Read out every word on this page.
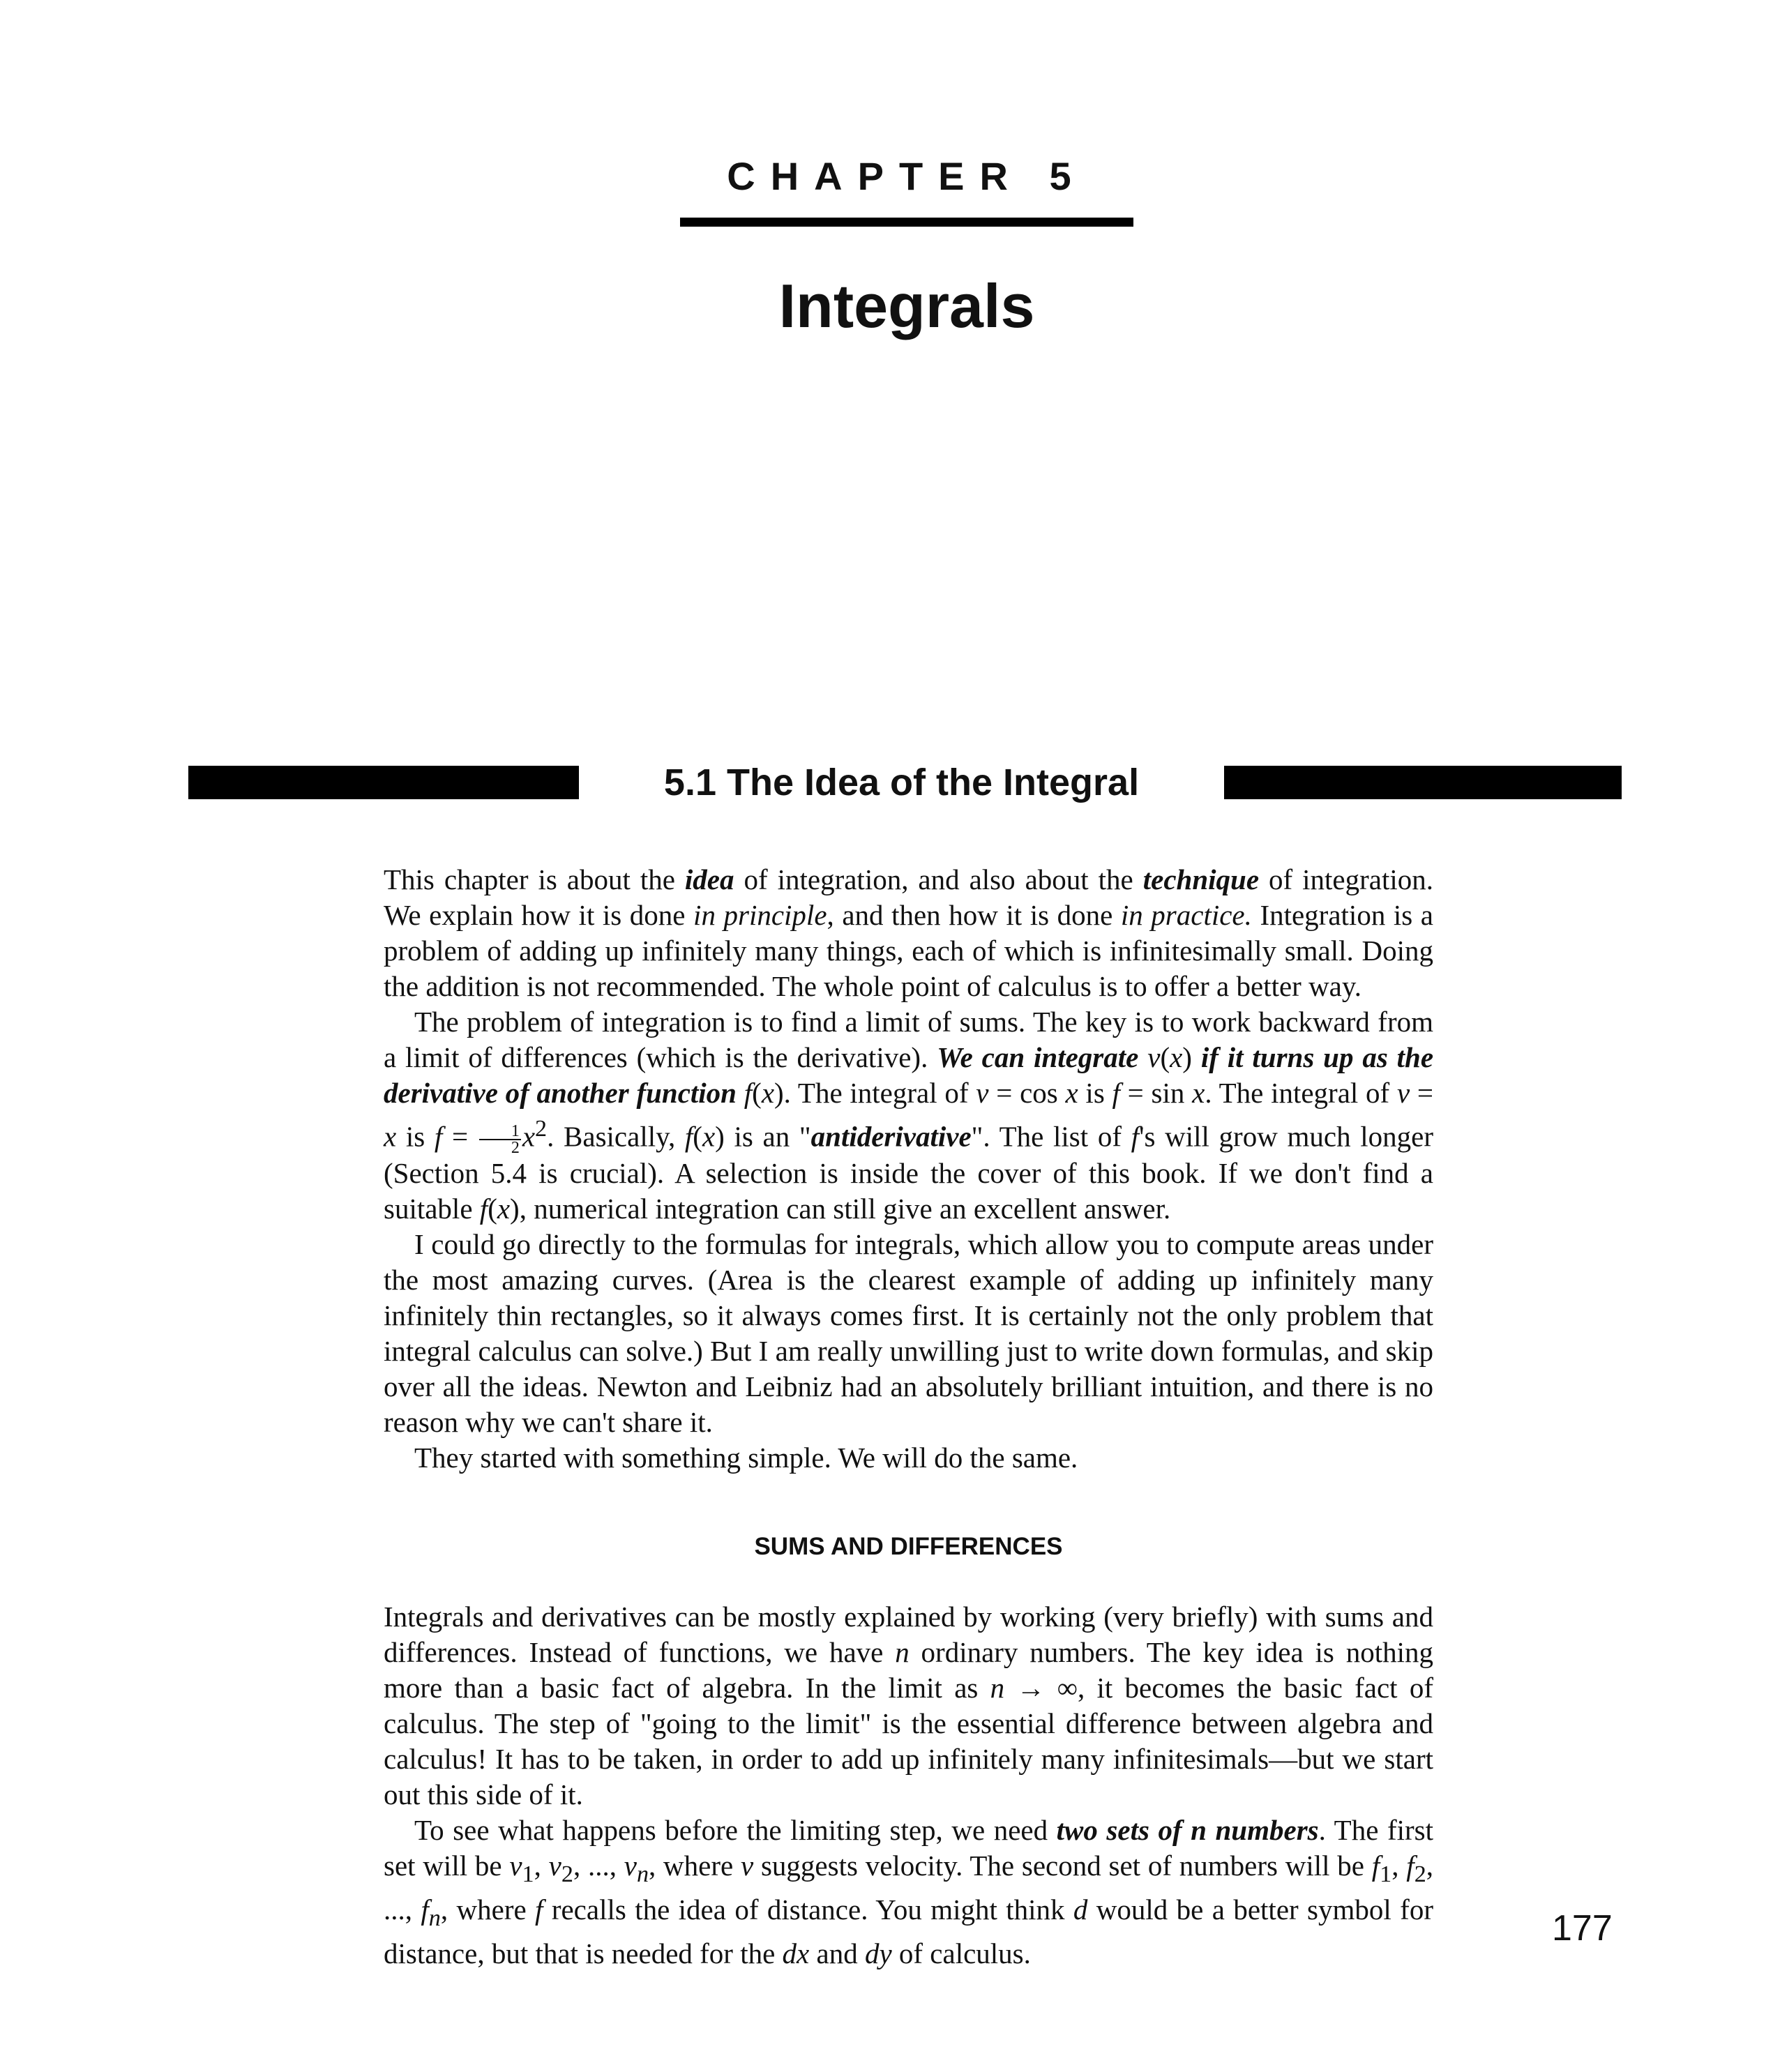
CHAPTER 5
Integrals
5.1 The Idea of the Integral

This chapter is about the idea of integration, and also about the technique of integration. We explain how it is done in principle, and then how it is done in practice. Integration is a problem of adding up infinitely many things, each of which is infinitesimally small. Doing the addition is not recommended. The whole point of calculus is to offer a better way.

The problem of integration is to find a limit of sums. The key is to work backward from a limit of differences (which is the derivative). We can integrate v(x) if it turns up as the derivative of another function f(x). The integral of v = cos x is f = sin x. The integral of v = x is $f = \frac{1}{2} x^2$. Basically, f(x) is an "antiderivative". The list of f's will grow much longer (Section 5.4 is crucial). A selection is inside the cover of this book. If we don't find a suitable f(x), numerical integration can still give an excellent answer.

I could go directly to the formulas for integrals, which allow you to compute areas under the most amazing curves. (Area is the clearest example of adding up infinitely many infinitely thin rectangles, so it always comes first. It is certainly not the only problem that integral calculus can solve.) But I am really unwilling just to write down formulas, and skip over all the ideas. Newton and Leibniz had an absolutely brilliant intuition, and there is no reason why we can't share it.

They started with something simple. We will do the same.

SUMS AND DIFFERENCES

Integrals and derivatives can be mostly explained by working (very briefly) with sums and differences. Instead of functions, we have n ordinary numbers. The key idea is nothing more than a basic fact of algebra. In the limit as n → ∞, it becomes the basic fact of calculus. The step of "going to the limit" is the essential difference between algebra and calculus! It has to be taken, in order to add up infinitely many infinitesimals—but we start out this side of it.

To see what happens before the limiting step, we need two sets of n numbers. The first set will be $v_1$, $v_2$, ..., $v_n$, where v suggests velocity. The second set of numbers will be $f_1$, $f_2$, ..., $f_n$, where f recalls the idea of distance. You might think d would be a better symbol for distance, but that is needed for the dx and dy of calculus.

177
